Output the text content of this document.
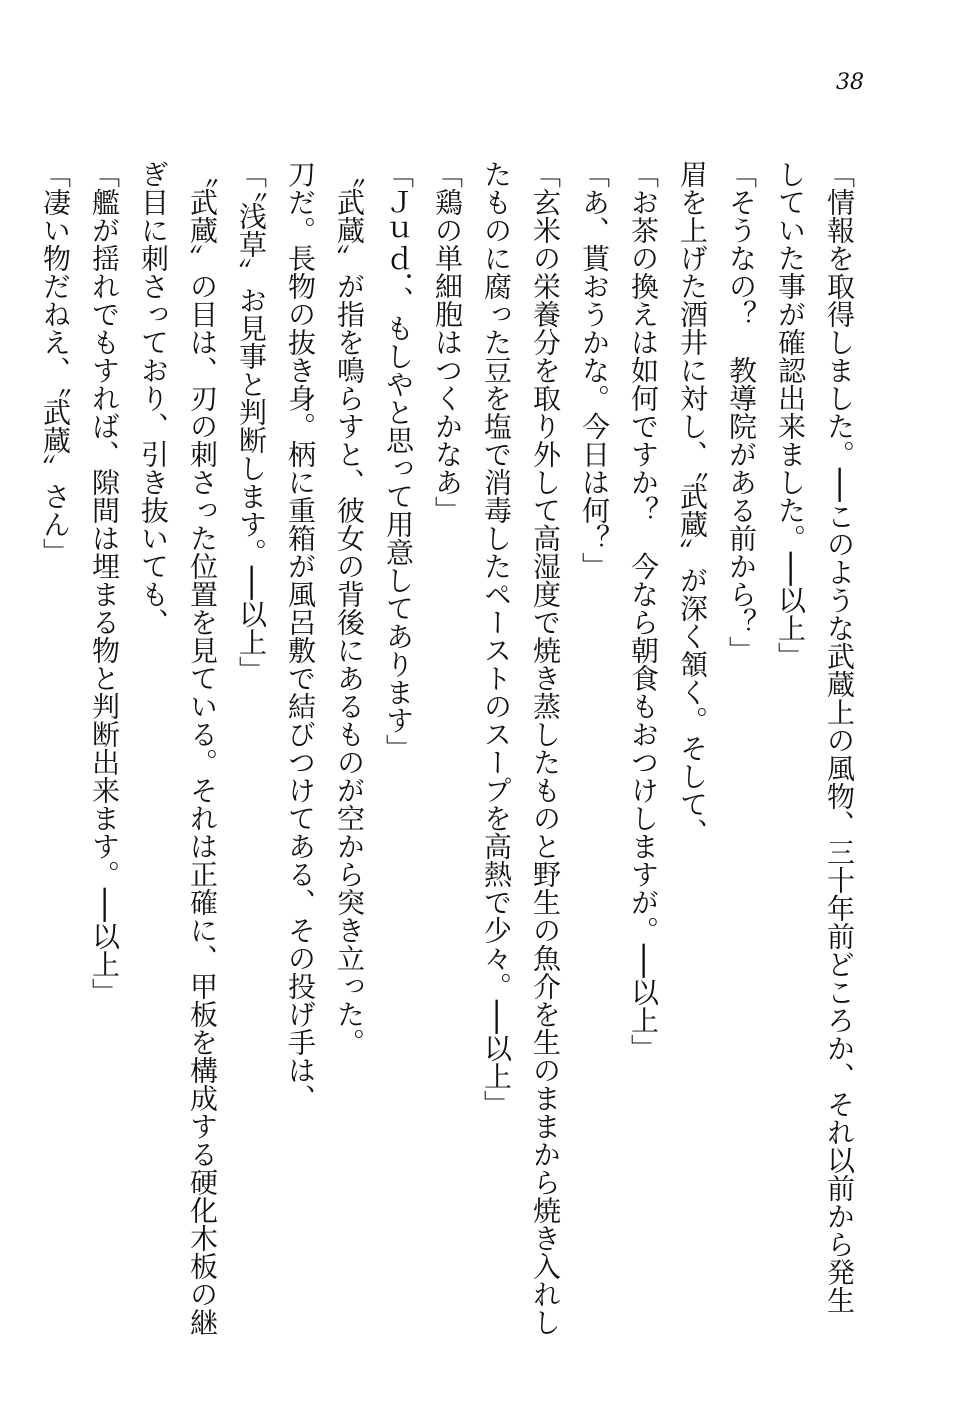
38

「情報を取得しました。──このような武蔵上の風物、三十年前どころか、それ以前から発生

していた事が確認出来ました。──以上」

「そうなの？　教導院がある前から？」

眉を上げた酒井に対し、〝武蔵〟が深く頷く。そして、

「お茶の換えは如何ですか？　今なら朝食もおつけしますが。──以上」

「あ、貰おうかな。今日は何？」

「玄米の栄養分を取り外して高湿度で焼き蒸したものと野生の魚介を生のままから焼き入れし

たものに腐った豆を塩で消毒したペーストのスープを高熱で少々。──以上」

「鶏の単細胞はつくかなあ」

「Ｊｕｄ．、もしやと思って用意してあります」

〝武蔵〟が指を鳴らすと、彼女の背後にあるものが空から突き立った。

刀だ。長物の抜き身。柄に重箱が風呂敷で結びつけてある、その投げ手は、

「〝浅草〟お見事と判断します。──以上」

〝武蔵〟の目は、刃の刺さった位置を見ている。それは正確に、甲板を構成する硬化木板の継

ぎ目に刺さっており、引き抜いても、

「艦が揺れでもすれば、隙間は埋まる物と判断出来ます。──以上」

「凄い物だねえ、〝武蔵〟さん」
